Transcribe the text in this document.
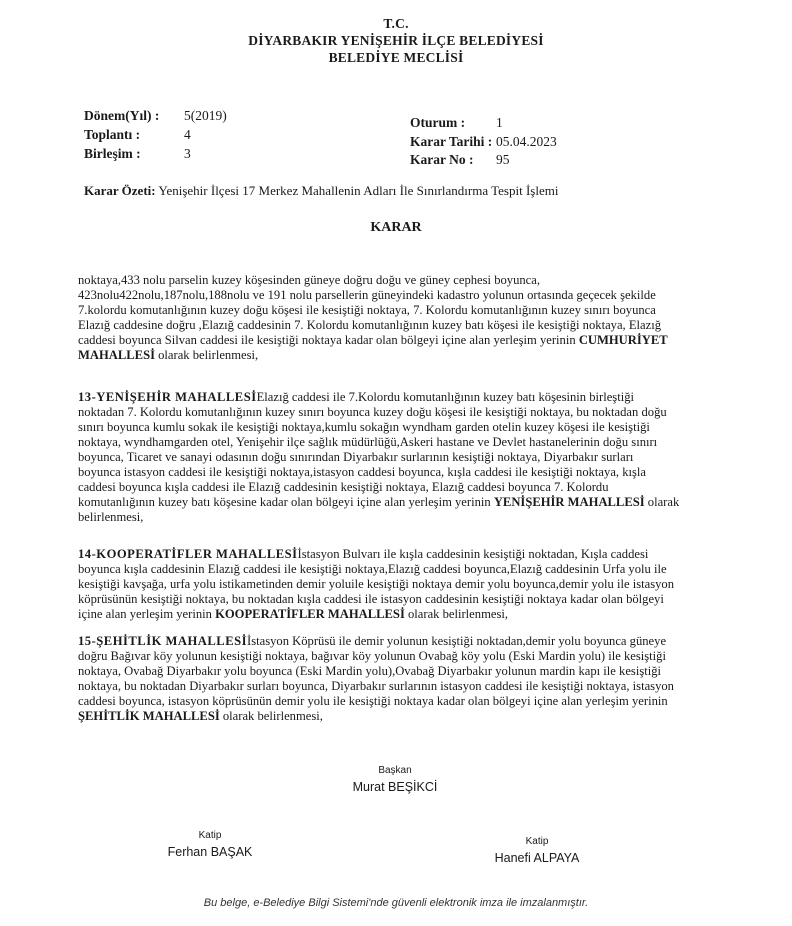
T.C.
DİYARBAKIR YENİŞEHİR İLÇE BELEDİYESİ
BELEDİYE MECLİSİ
Dönem(Yıl) : 5(2019)
Toplantı :	4
Birleşim :	3
Oturum : 1
Karar Tarihi : 05.04.2023
Karar No : 95
Karar Özeti: Yenişehir İlçesi 17 Merkez Mahallenin Adları İle Sınırlandırma Tespit İşlemi
KARAR
noktaya,433 nolu parselin kuzey köşesinden güneye doğru doğu ve güney cephesi boyunca,
423nolu422nolu,187nolu,188nolu ve 191 nolu parsellerin güneyindeki kadastro yolunun ortasında geçecek şekilde
7.kolordu komutanlığının kuzey doğu köşesi ile kesiştiği noktaya, 7. Kolordu komutanlığının kuzey sınırı boyunca
Elazığ caddesine doğru ,Elazığ caddesinin 7. Kolordu komutanlığının kuzey batı köşesi ile kesiştiği noktaya, Elazığ
caddesi boyunca Silvan caddesi ile kesiştiği noktaya kadar olan bölgeyi içine alan yerleşim yerinin CUMHURİYET
MAHALLESİ olarak belirlenmesi,
13-YENİŞEHİR MAHALLESİElazığ caddesi ile 7.Kolordu komutanlığının kuzey batı köşesinin birleştiği
noktadan 7. Kolordu komutanlığının kuzey sınırı boyunca kuzey doğu köşesi ile kesiştiği noktaya, bu noktadan doğu
sınırı boyunca kumlu sokak ile kesiştiği noktaya,kumlu sokağın wyndham garden otelin kuzey köşesi ile kesiştiği
noktaya, wyndhamgarden otel, Yenişehir ilçe sağlık müdürlüğü,Askeri hastane ve Devlet hastanelerinin doğu sınırı
boyunca, Ticaret ve sanayi odasının doğu sınırından Diyarbakır surlarının kesiştiği noktaya, Diyarbakır surları
boyunca istasyon caddesi ile kesiştiği noktaya,istasyon caddesi boyunca, kışla caddesi ile kesiştiği noktaya, kışla
caddesi boyunca kışla caddesi ile Elazığ caddesinin kesiştiği noktaya, Elazığ caddesi boyunca 7. Kolordu
komutanlığının kuzey batı köşesine kadar olan bölgeyi içine alan yerleşim yerinin YENİŞEHİR MAHALLESİ olarak
belirlenmesi,
14-KOOPERATİFLER MAHALLESİİstasyon Bulvarı ile kışla caddesinin kesiştiği noktadan, Kışla caddesi
boyunca kışla caddesinin Elazığ caddesi ile kesiştiği noktaya,Elazığ caddesi boyunca,Elazığ caddesinin Urfa yolu ile
kesiştiği kavşağa, urfa yolu istikametinden demir yoluile kesiştiği noktaya demir yolu boyunca,demir yolu ile istasyon
köprüsünün kesiştiği noktaya, bu noktadan kışla caddesi ile istasyon caddesinin kesiştiği noktaya kadar olan bölgeyi
içine alan yerleşim yerinin KOOPERATİFLER MAHALLESİ olarak belirlenmesi,
15-ŞEHİTLİK MAHALLESİİstasyon Köprüsü ile demir yolunun kesiştiği noktadan,demir yolu boyunca güneye
doğru Bağıvar köy yolunun kesiştiği noktaya, bağıvar köy yolunun Ovabağ köy yolu (Eski Mardin yolu) ile kesiştiği
noktaya, Ovabağ Diyarbakır yolu boyunca (Eski Mardin yolu),Ovabağ Diyarbakır yolunun mardin kapı ile kesiştiği
noktaya, bu noktadan Diyarbakır surları boyunca, Diyarbakır surlarının istasyon caddesi ile kesiştiği noktaya, istasyon
caddesi boyunca, istasyon köprüsünün demir yolu ile kesiştiği noktaya kadar olan bölgeyi içine alan yerleşim yerinin
ŞEHİTLİK MAHALLESİ olarak belirlenmesi,
Başkan
Murat BEŞİKCİ
Katip
Ferhan BAŞAK
Katip
Hanefi ALPAYA
Bu belge, e-Belediye Bilgi Sistemi'nde güvenli elektronik imza ile imzalanmıştır.
